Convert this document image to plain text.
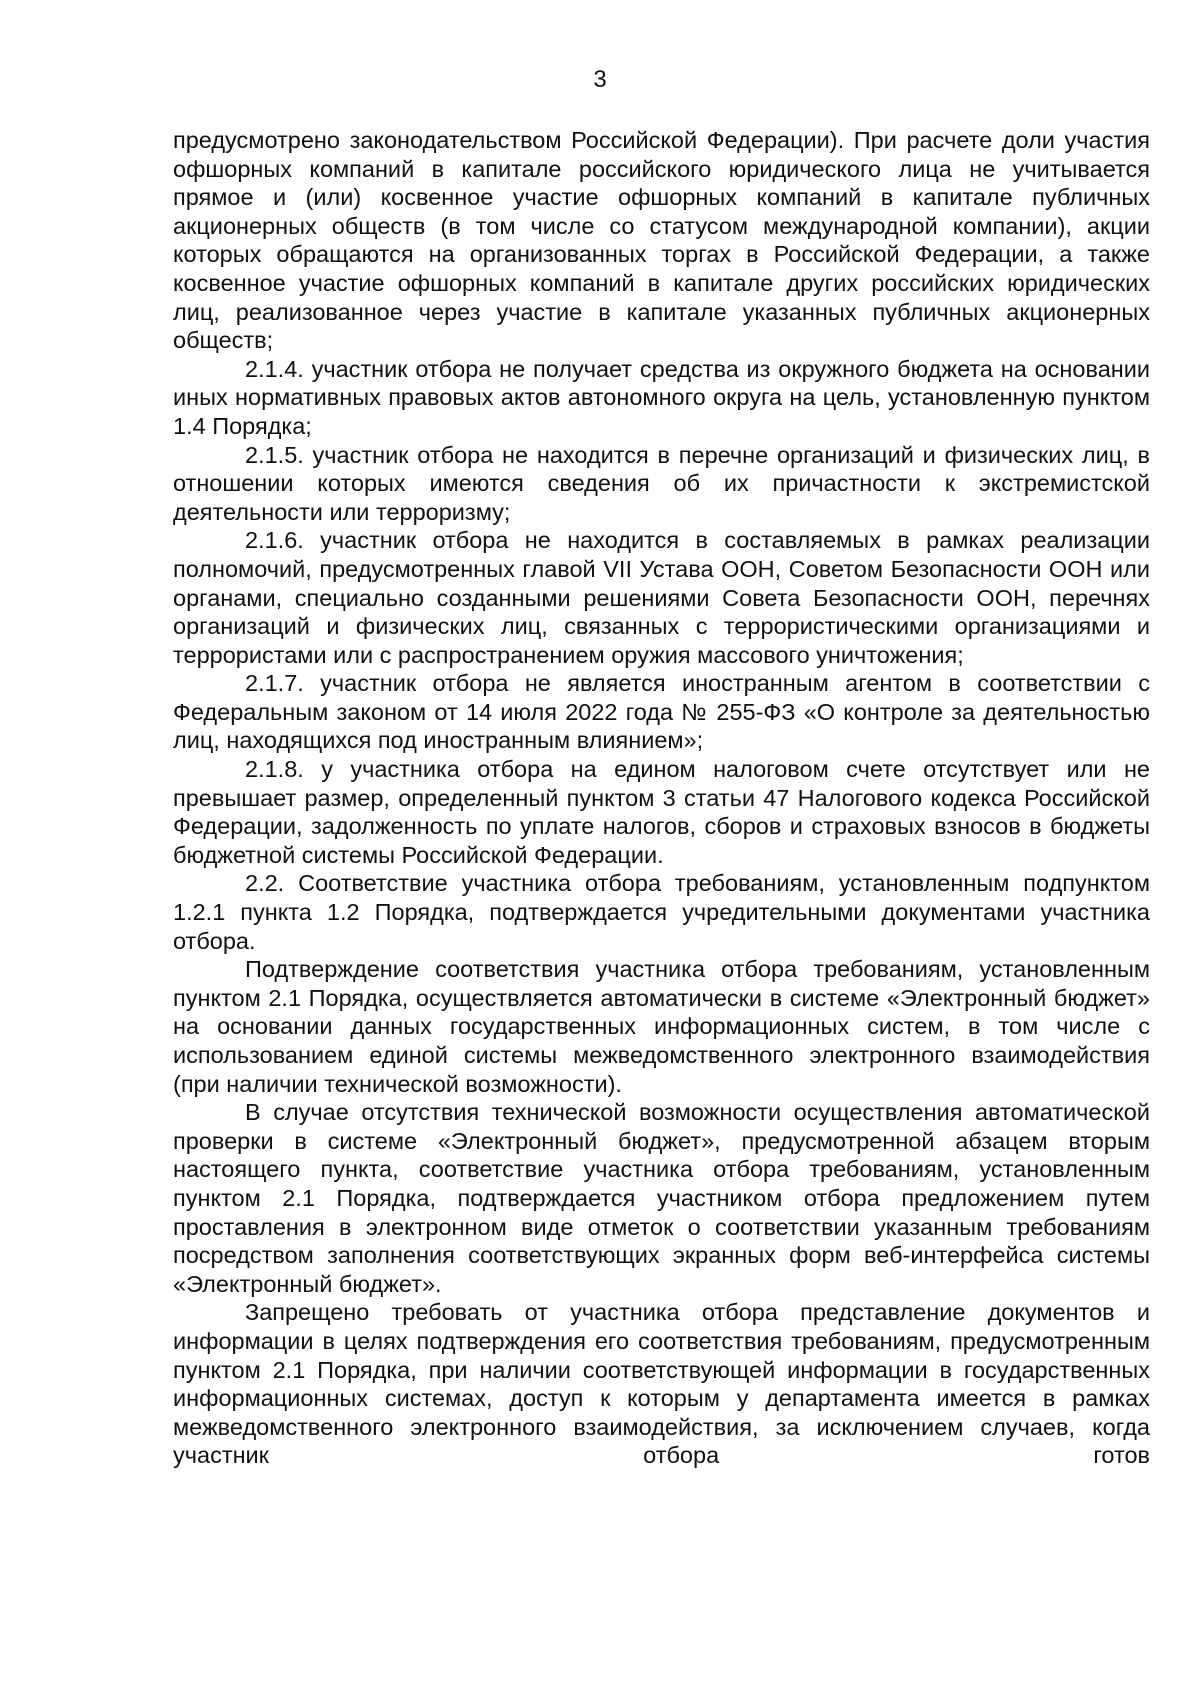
3

предусмотрено законодательством Российской Федерации). При расчете доли участия офшорных компаний в капитале российского юридического лица не учитывается прямое и (или) косвенное участие офшорных компаний в капитале публичных акционерных обществ (в том числе со статусом международной компании), акции которых обращаются на организованных торгах в Российской Федерации, а также косвенное участие офшорных компаний в капитале других российских юридических лиц, реализованное через участие в капитале указанных публичных акционерных обществ;

2.1.4. участник отбора не получает средства из окружного бюджета на основании иных нормативных правовых актов автономного округа на цель, установленную пунктом 1.4 Порядка;

2.1.5. участник отбора не находится в перечне организаций и физических лиц, в отношении которых имеются сведения об их причастности к экстремистской деятельности или терроризму;

2.1.6. участник отбора не находится в составляемых в рамках реализации полномочий, предусмотренных главой VII Устава ООН, Советом Безопасности ООН или органами, специально созданными решениями Совета Безопасности ООН, перечнях организаций и физических лиц, связанных с террористическими организациями и террористами или с распространением оружия массового уничтожения;

2.1.7. участник отбора не является иностранным агентом в соответствии с Федеральным законом от 14 июля 2022 года № 255-ФЗ «О контроле за деятельностью лиц, находящихся под иностранным влиянием»;

2.1.8. у участника отбора на едином налоговом счете отсутствует или не превышает размер, определенный пунктом 3 статьи 47 Налогового кодекса Российской Федерации, задолженность по уплате налогов, сборов и страховых взносов в бюджеты бюджетной системы Российской Федерации.

2.2. Соответствие участника отбора требованиям, установленным подпунктом 1.2.1 пункта 1.2 Порядка, подтверждается учредительными документами участника отбора.

Подтверждение соответствия участника отбора требованиям, установленным пунктом 2.1 Порядка, осуществляется автоматически в системе «Электронный бюджет» на основании данных государственных информационных систем, в том числе с использованием единой системы межведомственного электронного взаимодействия (при наличии технической возможности).

В случае отсутствия технической возможности осуществления автоматической проверки в системе «Электронный бюджет», предусмотренной абзацем вторым настоящего пункта, соответствие участника отбора требованиям, установленным пунктом 2.1 Порядка, подтверждается участником отбора предложением путем проставления в электронном виде отметок о соответствии указанным требованиям посредством заполнения соответствующих экранных форм веб-интерфейса системы «Электронный бюджет».

Запрещено требовать от участника отбора представление документов и информации в целях подтверждения его соответствия требованиям, предусмотренным пунктом 2.1 Порядка, при наличии соответствующей информации в государственных информационных системах, доступ к которым у департамента имеется в рамках межведомственного электронного взаимодействия, за исключением случаев, когда участник отбора готов
